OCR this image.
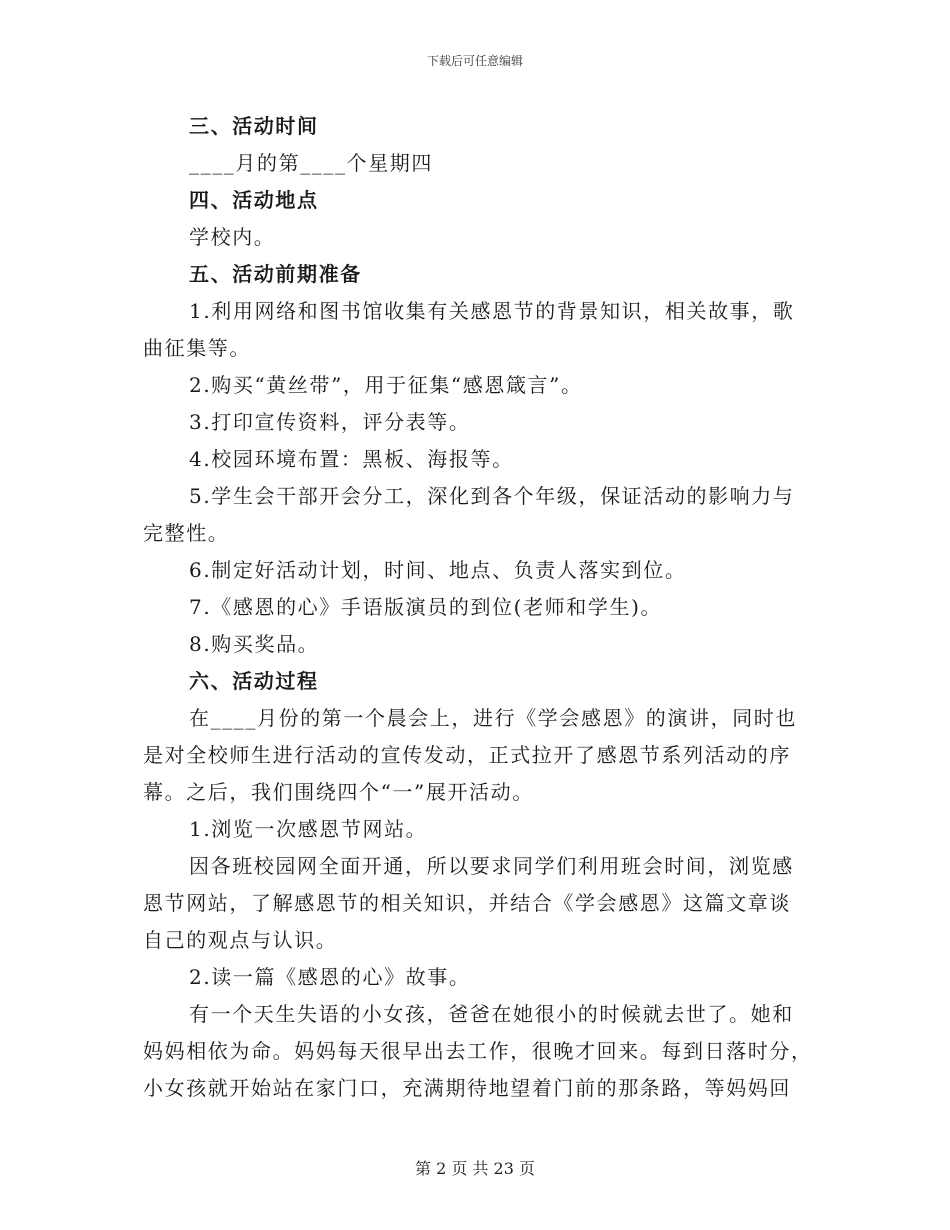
下载后可任意编辑
三、活动时间
____月的第____个星期四
四、活动地点
学校内。
五、活动前期准备
1.利用网络和图书馆收集有关感恩节的背景知识，相关故事，歌
曲征集等。
2.购买“黄丝带”，用于征集“感恩箴言”。
3.打印宣传资料，评分表等。
4.校园环境布置：黑板、海报等。
5.学生会干部开会分工，深化到各个年级，保证活动的影响力与
完整性。
6.制定好活动计划，时间、地点、负责人落实到位。
7.《感恩的心》手语版演员的到位(老师和学生)。
8.购买奖品。
六、活动过程
在____月份的第一个晨会上，进行《学会感恩》的演讲，同时也
是对全校师生进行活动的宣传发动，正式拉开了感恩节系列活动的序
幕。之后，我们围绕四个“一”展开活动。
1.浏览一次感恩节网站。
因各班校园网全面开通，所以要求同学们利用班会时间，浏览感
恩节网站，了解感恩节的相关知识，并结合《学会感恩》这篇文章谈
自己的观点与认识。
2.读一篇《感恩的心》故事。
有一个天生失语的小女孩，爸爸在她很小的时候就去世了。她和
妈妈相依为命。妈妈每天很早出去工作，很晚才回来。每到日落时分，
小女孩就开始站在家门口，充满期待地望着门前的那条路，等妈妈回
第 2 页 共 23 页
